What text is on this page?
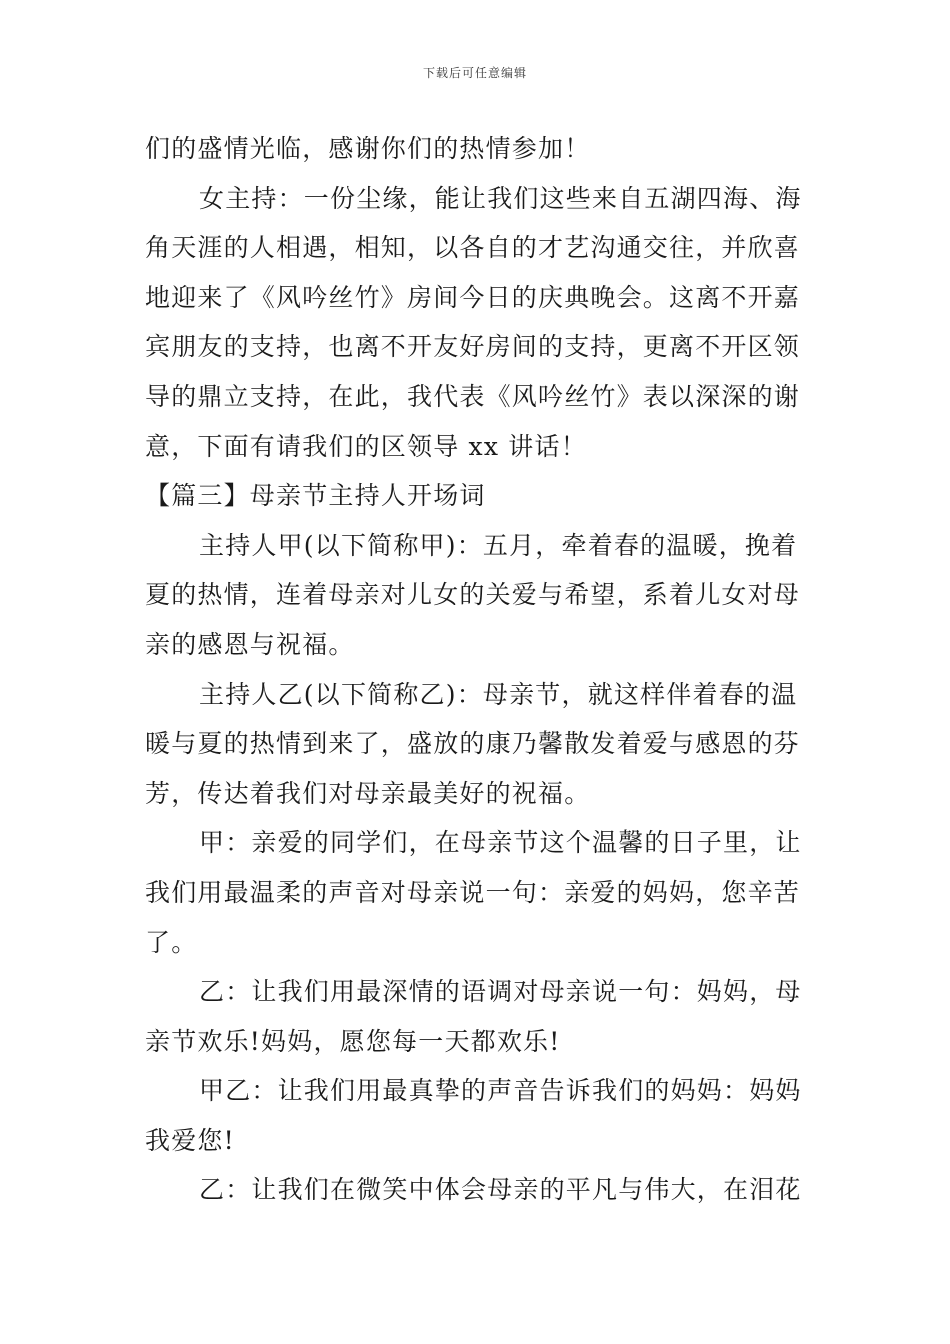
下载后可任意编辑
们的盛情光临，感谢你们的热情参加！
女主持：一份尘缘，能让我们这些来自五湖四海、海
角天涯的人相遇，相知，以各自的才艺沟通交往，并欣喜
地迎来了《风吟丝竹》房间今日的庆典晚会。这离不开嘉
宾朋友的支持，也离不开友好房间的支持，更离不开区领
导的鼎立支持，在此，我代表《风吟丝竹》表以深深的谢
意，下面有请我们的区领导 xx 讲话！
【篇三】母亲节主持人开场词
主持人甲(以下简称甲)：五月，牵着春的温暖，挽着
夏的热情，连着母亲对儿女的关爱与希望，系着儿女对母
亲的感恩与祝福。
主持人乙(以下简称乙)：母亲节，就这样伴着春的温
暖与夏的热情到来了，盛放的康乃馨散发着爱与感恩的芬
芳，传达着我们对母亲最美好的祝福。
甲：亲爱的同学们，在母亲节这个温馨的日子里，让
我们用最温柔的声音对母亲说一句：亲爱的妈妈，您辛苦
了。
乙：让我们用最深情的语调对母亲说一句：妈妈，母
亲节欢乐!妈妈，愿您每一天都欢乐!
甲乙：让我们用最真挚的声音告诉我们的妈妈：妈妈
我爱您!
乙：让我们在微笑中体会母亲的平凡与伟大，在泪花
